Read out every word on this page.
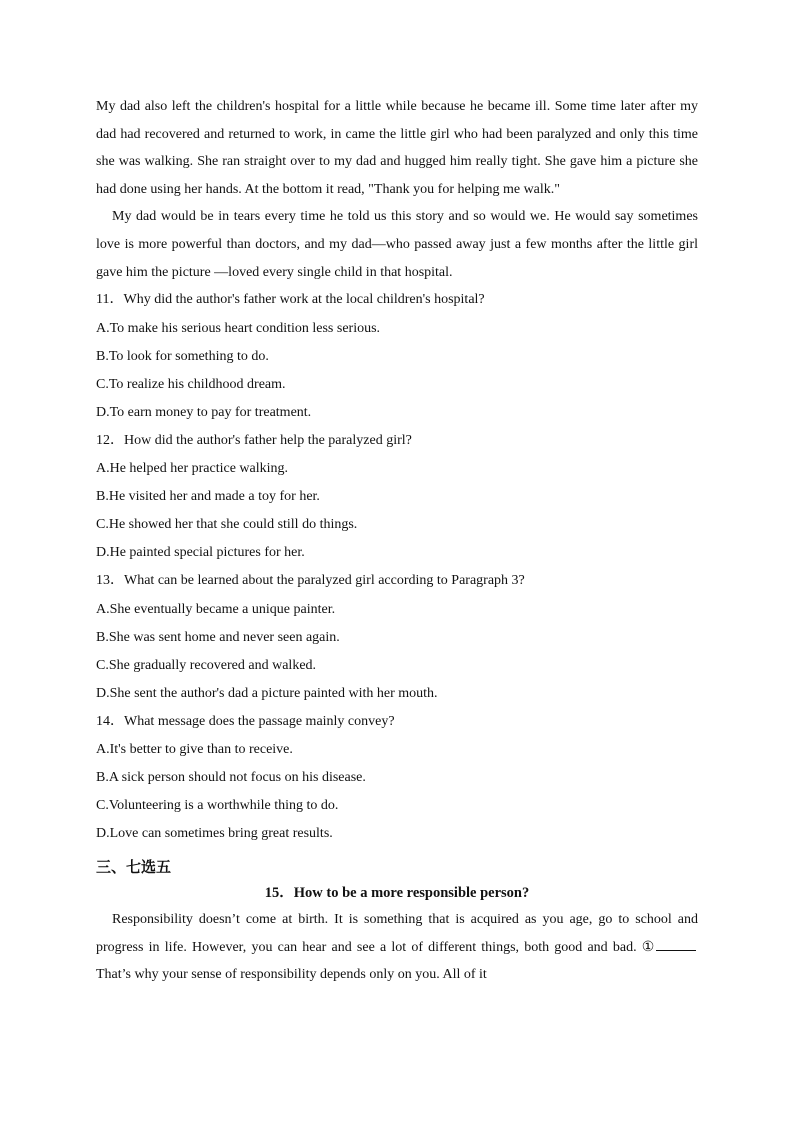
My dad also left the children's hospital for a little while because he became ill. Some time later after my dad had recovered and returned to work, in came the little girl who had been paralyzed and only this time she was walking. She ran straight over to my dad and hugged him really tight. She gave him a picture she had done using her hands. At the bottom it read, "Thank you for helping me walk."

My dad would be in tears every time he told us this story and so would we. He would say sometimes love is more powerful than doctors, and my dad—who passed away just a few months after the little girl gave him the picture —loved every single child in that hospital.

11．Why did the author's father work at the local children's hospital?

A.To make his serious heart condition less serious.

B.To look for something to do.

C.To realize his childhood dream.

D.To earn money to pay for treatment.

12．How did the author's father help the paralyzed girl?

A.He helped her practice walking.

B.He visited her and made a toy for her.

C.He showed her that she could still do things.

D.He painted special pictures for her.

13．What can be learned about the paralyzed girl according to Paragraph 3?

A.She eventually became a unique painter.

B.She was sent home and never seen again.

C.She gradually recovered and walked.

D.She sent the author's dad a picture painted with her mouth.

14．What message does the passage mainly convey?

A.It's better to give than to receive.

B.A sick person should not focus on his disease.

C.Volunteering is a worthwhile thing to do.

D.Love can sometimes bring great results.

三、七选五

15．How to be a more responsible person?

Responsibility doesn’t come at birth. It is something that is acquired as you age, go to school and progress in life. However, you can hear and see a lot of different things, both good and bad. ① That’s why your sense of responsibility depends only on you. All of it
